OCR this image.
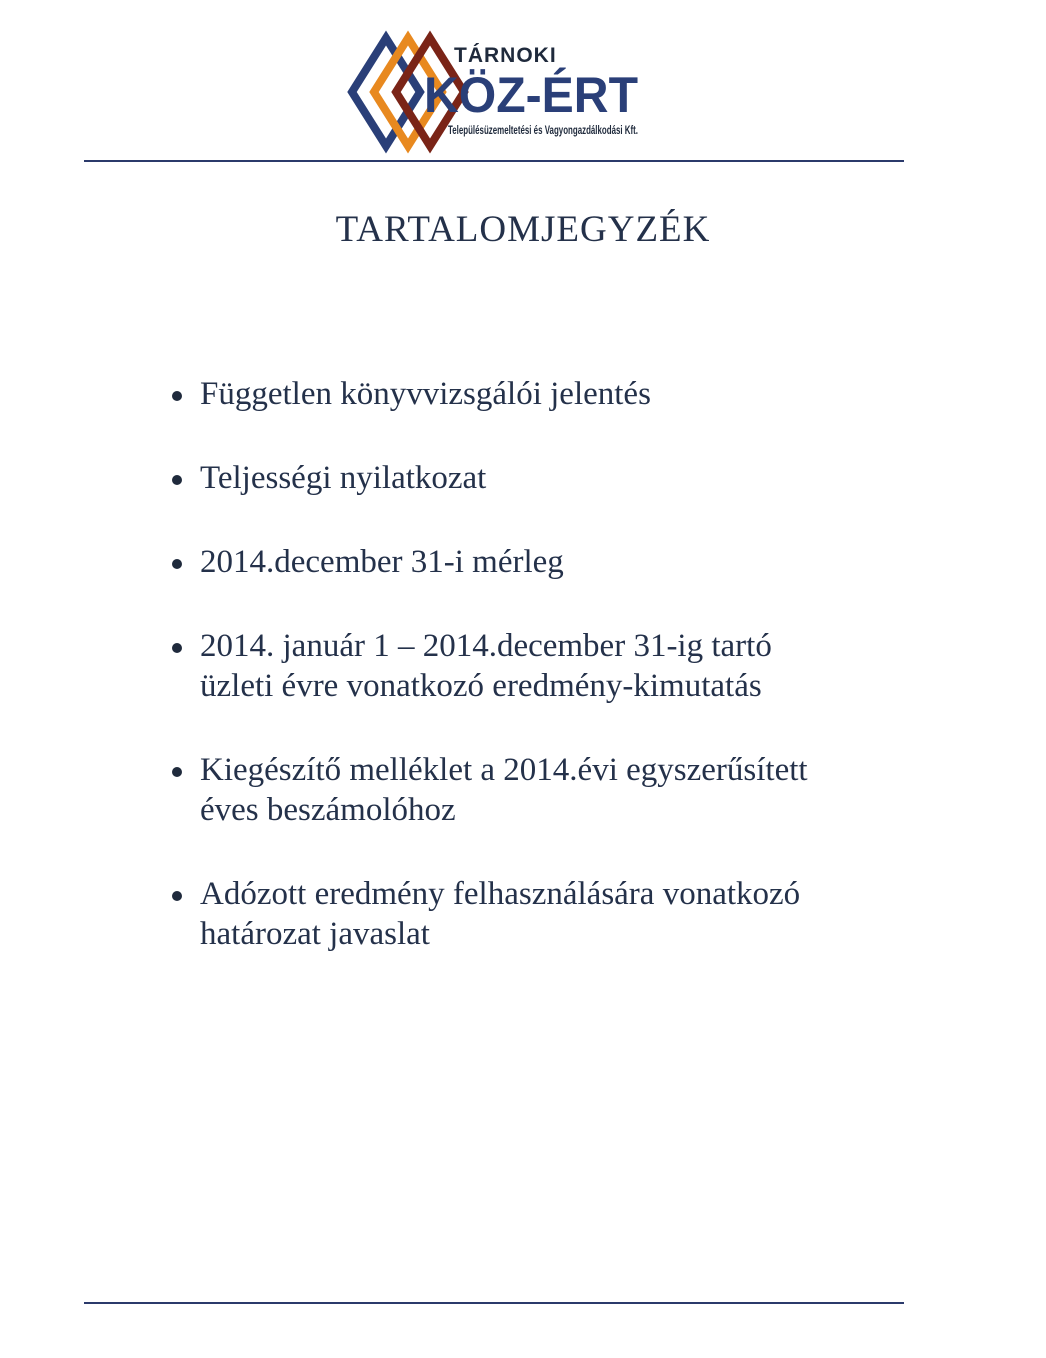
TÁRNOKI
KÖZ-ÉRT
Településüzemeltetési és Vagyongazdálkodási Kft.
TARTALOMJEGYZÉK
Független könyvvizsgálói jelentés
Teljességi nyilatkozat
2014.december 31-i mérleg
2014. január 1 – 2014.december 31-ig tartó
üzleti évre vonatkozó eredmény-kimutatás
Kiegészítő melléklet a 2014.évi egyszerűsített
éves beszámolóhoz
Adózott eredmény felhasználására vonatkozó
határozat javaslat
